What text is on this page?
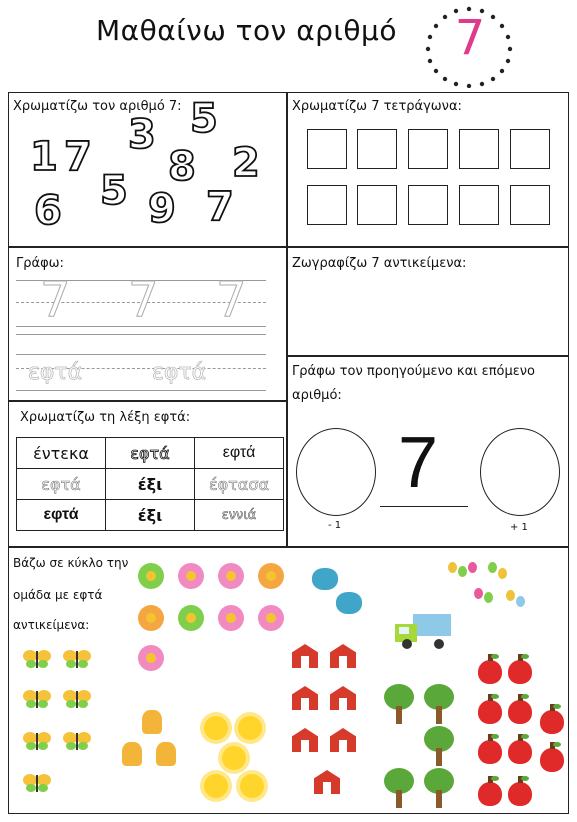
Μαθαίνω τον αριθμό 7
Χρωματίζω τον αριθμό 7:
1 7 3 5
8 2
6 5 9 7
Χρωματίζω 7 τετράγωνα:
Γράφω:
7 7 7
εφτά	εφτά
Ζωγραφίζω 7 αντικείμενα:
Γράφω τον προηγούμενο και επόμενο
αριθμό:
7
- 1	+ 1
Χρωματίζω τη λέξη εφτά:
έντεκα	εφτά	εφτά
εφτά	έξι	έφτασα
εφτά	έξι	εννιά
Βάζω σε κύκλο την
ομάδα με εφτά
αντικείμενα:
